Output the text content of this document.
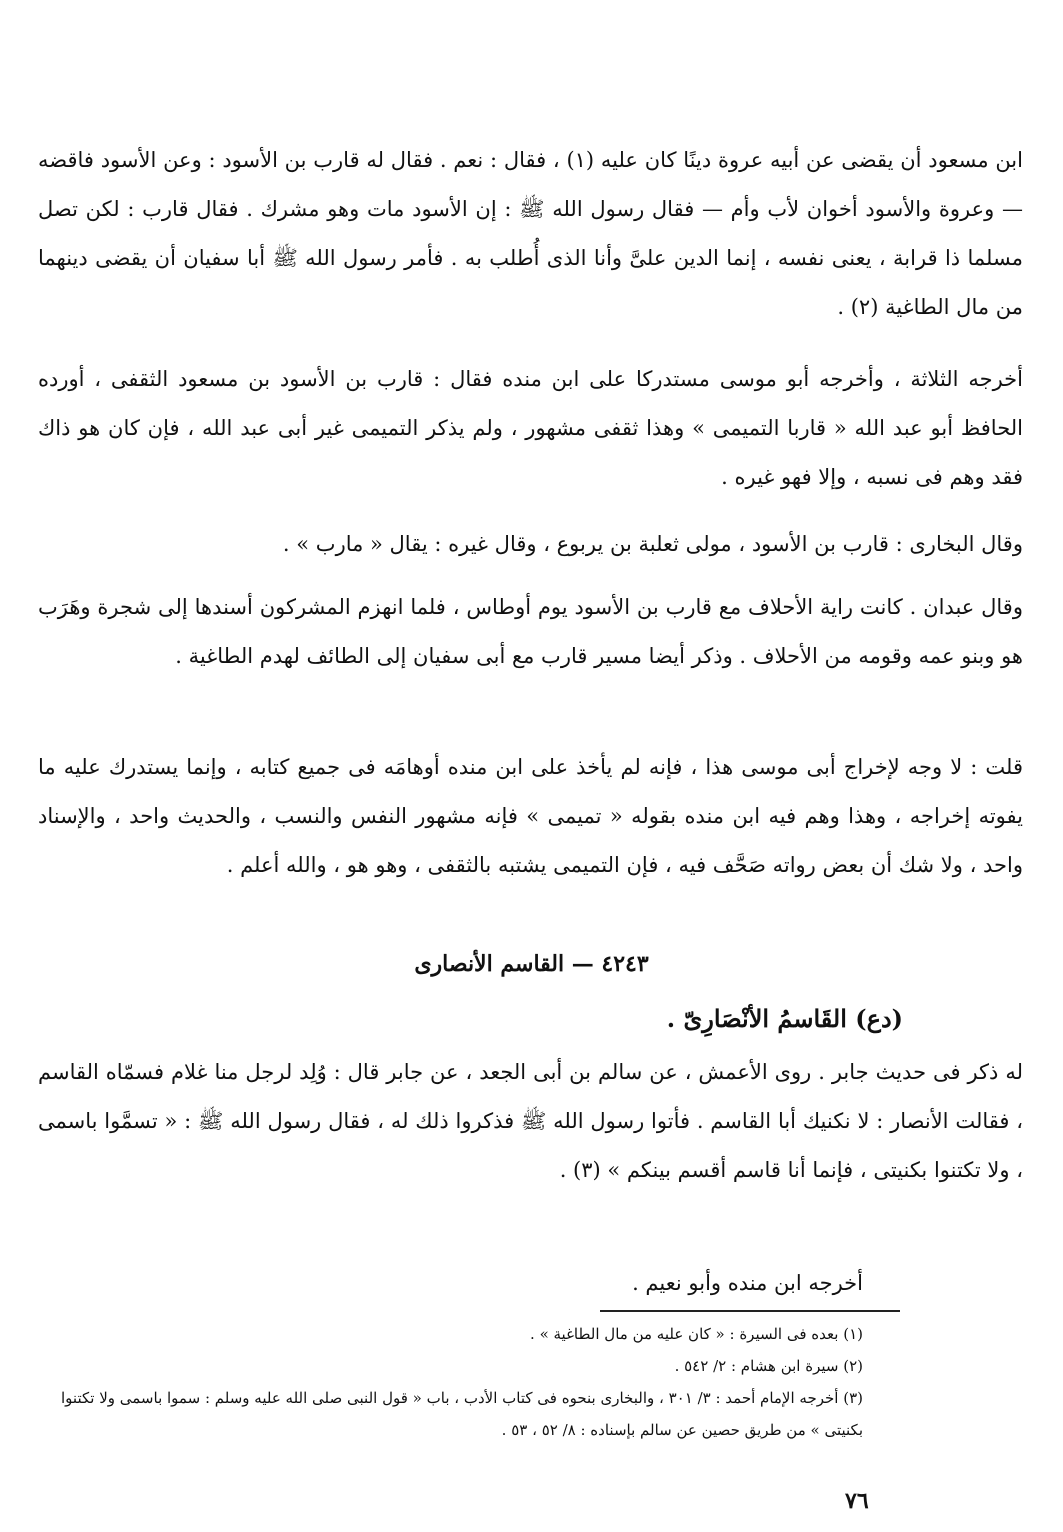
ابن مسعود أن يقضى عن أبيه عروة دينًا كان عليه (١) ، فقال : نعم . فقال له قارب بن الأسود : وعن الأسود فاقضه — وعروة والأسود أخوان لأب وأم — فقال رسول الله ﷺ : إن الأسود مات وهو مشرك . فقال قارب : لكن تصل مسلما ذا قرابة ، يعنى نفسه ، إنما الدين علىَّ وأنا الذى أُطلب به . فأمر رسول الله ﷺ أبا سفيان أن يقضى دينهما من مال الطاغية (٢) .

أخرجه الثلاثة ، وأخرجه أبو موسى مستدركا على ابن منده فقال : قارب بن الأسود بن مسعود الثقفى ، أورده الحافظ أبو عبد الله « قاربا التميمى » وهذا ثقفى مشهور ، ولم يذكر التميمى غير أبى عبد الله ، فإن كان هو ذاك فقد وهم فى نسبه ، وإلا فهو غيره .

وقال البخارى : قارب بن الأسود ، مولى ثعلبة بن يربوع ، وقال غيره : يقال « مارب » .

وقال عبدان . كانت راية الأحلاف مع قارب بن الأسود يوم أوطاس ، فلما انهزم المشركون أسندها إلى شجرة وهَرَب هو وبنو عمه وقومه من الأحلاف . وذكر أيضا مسير قارب مع أبى سفيان إلى الطائف لهدم الطاغية .

قلت : لا وجه لإخراج أبى موسى هذا ، فإنه لم يأخذ على ابن منده أوهامَه فى جميع كتابه ، وإنما يستدرك عليه ما يفوته إخراجه ، وهذا وهم فيه ابن منده بقوله « تميمى » فإنه مشهور النفس والنسب ، والحديث واحد ، والإسناد واحد ، ولا شك أن بعض رواته صَحَّف فيه ، فإن التميمى يشتبه بالثقفى ، وهو هو ، والله أعلم .

٤٢٤٣ — القاسم الأنصارى
(دع) القَاسمُ الأنْصَارِىّ .

له ذكر فى حديث جابر . روى الأعمش ، عن سالم بن أبى الجعد ، عن جابر قال : وُلِد لرجل منا غلام فسمّاه القاسم ، فقالت الأنصار : لا نكنيك أبا القاسم . فأتوا رسول الله ﷺ فذكروا ذلك له ، فقال رسول الله ﷺ : « تسمَّوا باسمى ، ولا تكتنوا بكنيتى ، فإنما أنا قاسم أقسم بينكم » (٣) .

أخرجه ابن منده وأبو نعيم .

(١) بعده فى السيرة : « كان عليه من مال الطاغية » .

(٢) سيرة ابن هشام : ٢/ ٥٤٢ .

(٣) أخرجه الإمام أحمد : ٣/ ٣٠١ ، والبخارى بنحوه فى كتاب الأدب ، باب « قول النبى صلى الله عليه وسلم : سموا باسمى ولا تكتنوا بكنيتى » من طريق حصين عن سالم بإسناده : ٨/ ٥٢ ، ٥٣ .

٧٦
